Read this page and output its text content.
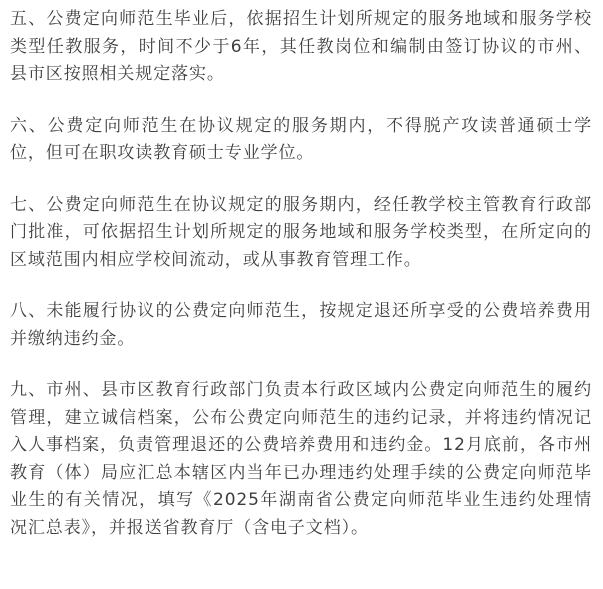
五、公费定向师范生毕业后，依据招生计划所规定的服务地域和服务学校类型任教服务，时间不少于6年，其任教岗位和编制由签订协议的市州、县市区按照相关规定落实。

六、公费定向师范生在协议规定的服务期内，不得脱产攻读普通硕士学位，但可在职攻读教育硕士专业学位。

七、公费定向师范生在协议规定的服务期内，经任教学校主管教育行政部门批准，可依据招生计划所规定的服务地域和服务学校类型，在所定向的区域范围内相应学校间流动，或从事教育管理工作。

八、未能履行协议的公费定向师范生，按规定退还所享受的公费培养费用并缴纳违约金。

九、市州、县市区教育行政部门负责本行政区域内公费定向师范生的履约管理，建立诚信档案，公布公费定向师范生的违约记录，并将违约情况记入人事档案，负责管理退还的公费培养费用和违约金。12月底前，各市州教育（体）局应汇总本辖区内当年已办理违约处理手续的公费定向师范毕业生的有关情况，填写《2025年湖南省公费定向师范毕业生违约处理情况汇总表》，并报送省教育厅（含电子文档）。
